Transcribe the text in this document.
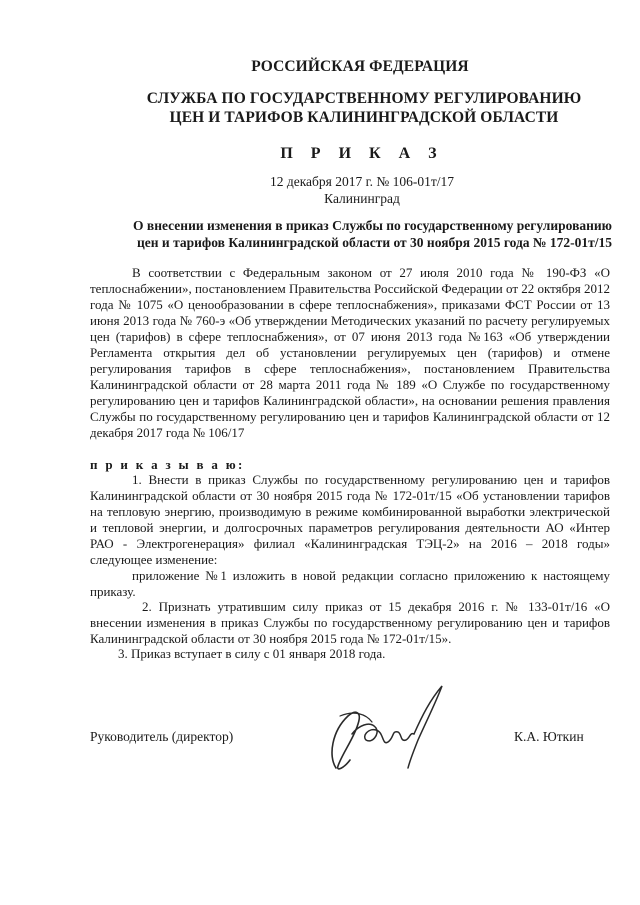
РОССИЙСКАЯ ФЕДЕРАЦИЯ
СЛУЖБА ПО ГОСУДАРСТВЕННОМУ РЕГУЛИРОВАНИЮ
ЦЕН И ТАРИФОВ КАЛИНИНГРАДСКОЙ ОБЛАСТИ
П Р И К А З
12 декабря 2017 г. № 106-01т/17
Калининград
О внесении изменения в приказ Службы по государственному регулированию
цен и тарифов Калининградской области от 30 ноября 2015 года № 172-01т/15
В соответствии с Федеральным законом от 27 июля 2010 года № 190-ФЗ «О теплоснабжении», постановлением Правительства Российской Федерации от 22 октября 2012 года № 1075 «О ценообразовании в сфере теплоснабжения», приказами ФСТ России от 13 июня 2013 года № 760-э «Об утверждении Методических указаний по расчету регулируемых цен (тарифов) в сфере теплоснабжения», от 07 июня 2013 года №163 «Об утверждении Регламента открытия дел об установлении регулируемых цен (тарифов) и отмене регулирования тарифов в сфере теплоснабжения», постановлением Правительства Калининградской области от 28 марта 2011 года № 189 «О Службе по государственному регулированию цен и тарифов Калининградской области», на основании решения правления Службы по государственному регулированию цен и тарифов Калининградской области от 12 декабря 2017 года № 106/17
п р и к а з ы в а ю:
1. Внести в приказ Службы по государственному регулированию цен и тарифов Калининградской области от 30 ноября 2015 года № 172-01т/15 «Об установлении тарифов на тепловую энергию, производимую в режиме комбинированной выработки электрической и тепловой энергии, и долгосрочных параметров регулирования деятельности АО «Интер РАО - Электрогенерация» филиал «Калининградская ТЭЦ-2» на 2016 – 2018 годы» следующее изменение:
приложение №1 изложить в новой редакции согласно приложению к настоящему приказу.
2. Признать утратившим силу приказ от 15 декабря 2016 г. № 133-01т/16 «О внесении изменения в приказ Службы по государственному регулированию цен и тарифов Калининградской области от 30 ноября 2015 года № 172-01т/15».
3. Приказ вступает в силу с 01 января 2018 года.
Руководитель (директор)	К.А. Юткин
